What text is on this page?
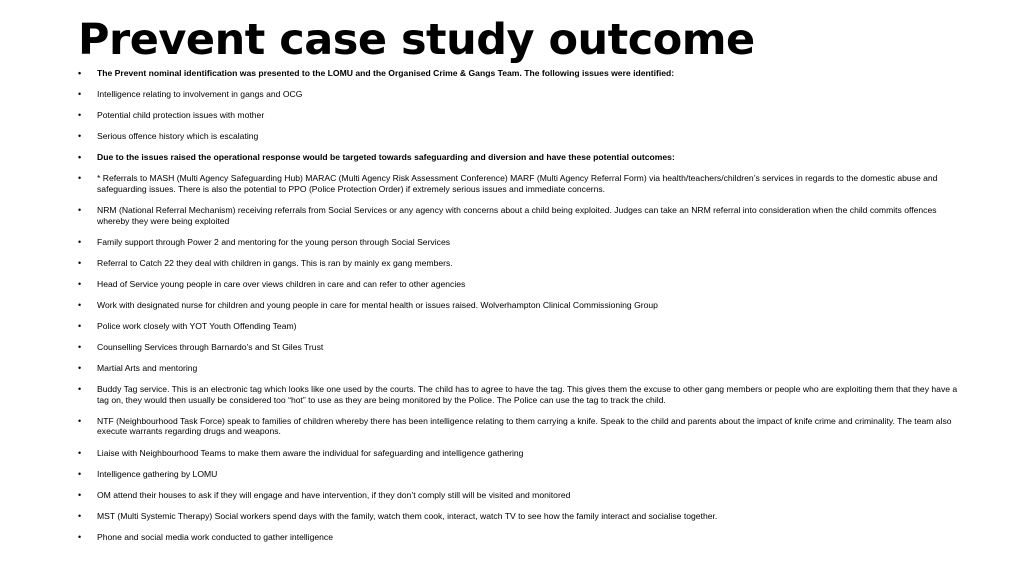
Prevent case study outcome
• The Prevent nominal identification was presented to the LOMU and the Organised Crime & Gangs Team. The following issues were identified:
• Intelligence relating to involvement in gangs and OCG
• Potential child protection issues with mother
• Serious offence history which is escalating
• Due to the issues raised the operational response would be targeted towards safeguarding and diversion and have these potential outcomes:
• * Referrals to MASH (Multi Agency Safeguarding Hub) MARAC (Multi Agency Risk Assessment Conference) MARF (Multi Agency Referral Form) via health/teachers/children’s services in regards to the domestic abuse and safeguarding issues. There is also the potential to PPO (Police Protection Order) if extremely serious issues and immediate concerns.
• NRM (National Referral Mechanism) receiving referrals from Social Services or any agency with concerns about a child being exploited. Judges can take an NRM referral into consideration when the child commits offences whereby they were being exploited
• Family support through Power 2 and mentoring for the young person through Social Services
• Referral to Catch 22 they deal with children in gangs. This is ran by mainly ex gang members.
• Head of Service young people in care over views children in care and can refer to other agencies
• Work with designated nurse for children and young people in care for mental health or issues raised. Wolverhampton Clinical Commissioning Group
• Police work closely with YOT Youth Offending Team)
• Counselling Services through Barnardo’s and St Giles Trust
• Martial Arts and mentoring
• Buddy Tag service. This is an electronic tag which looks like one used by the courts. The child has to agree to have the tag. This gives them the excuse to other gang members or people who are exploiting them that they have a tag on, they would then usually be considered too “hot” to use as they are being monitored by the Police. The Police can use the tag to track the child.
• NTF (Neighbourhood Task Force) speak to families of children whereby there has been intelligence relating to them carrying a knife. Speak to the child and parents about the impact of knife crime and criminality. The team also execute warrants regarding drugs and weapons.
• Liaise with Neighbourhood Teams to make them aware the individual for safeguarding and intelligence gathering
• Intelligence gathering by LOMU
• OM attend their houses to ask if they will engage and have intervention, if they don’t comply still will be visited and monitored
• MST (Multi Systemic Therapy) Social workers spend days with the family, watch them cook, interact, watch TV to see how the family interact and socialise together.
• Phone and social media work conducted to gather intelligence
